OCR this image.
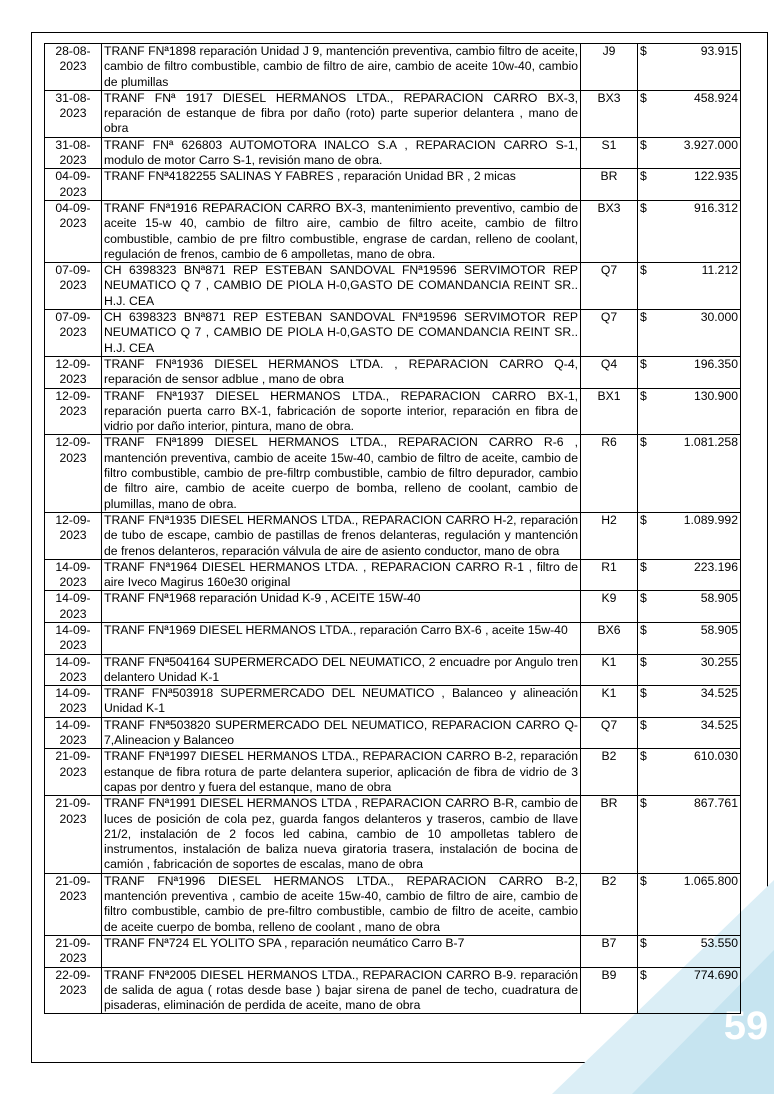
59
28-08-2023	TRANF FNª1898 reparación Unidad J 9, mantención preventiva, cambio filtro de aceite, cambio de filtro combustible, cambio de filtro de aire, cambio de aceite 10w-40, cambio de plumillas	J9	$ 93.915

31-08-2023	TRANF FNª 1917 DIESEL HERMANOS LTDA., REPARACION CARRO BX-3, reparación de estanque de fibra por daño (roto) parte superior delantera , mano de obra	BX3	$ 458.924

31-08-2023	TRANF FNª 626803 AUTOMOTORA INALCO S.A , REPARACION CARRO S-1, modulo de motor Carro S-1, revisión mano de obra.	S1	$ 3.927.000

04-09-2023	TRANF FNª4182255 SALINAS Y FABRES , reparación Unidad BR , 2 micas	BR	$ 122.935

04-09-2023	TRANF FNª1916 REPARACION CARRO BX-3, mantenimiento preventivo, cambio de aceite 15-w 40, cambio de filtro aire, cambio de filtro aceite, cambio de filtro combustible, cambio de pre filtro combustible, engrase de cardan, relleno de coolant, regulación de frenos, cambio de 6 ampolletas, mano de obra.	BX3	$ 916.312

07-09-2023	CH 6398323 BNª871 REP ESTEBAN SANDOVAL FNª19596 SERVIMOTOR REP NEUMATICO Q 7 , CAMBIO DE PIOLA H-0,GASTO DE COMANDANCIA REINT SR.. H.J. CEA	Q7	$ 11.212

07-09-2023	CH 6398323 BNª871 REP ESTEBAN SANDOVAL FNª19596 SERVIMOTOR REP NEUMATICO Q 7 , CAMBIO DE PIOLA H-0,GASTO DE COMANDANCIA REINT SR.. H.J. CEA	Q7	$ 30.000

12-09-2023	TRANF FNª1936 DIESEL HERMANOS LTDA. , REPARACION CARRO Q-4, reparación de sensor adblue , mano de obra	Q4	$ 196.350

12-09-2023	TRANF FNª1937 DIESEL HERMANOS LTDA., REPARACION CARRO BX-1, reparación puerta carro BX-1, fabricación de soporte interior, reparación en fibra de vidrio por daño interior, pintura, mano de obra.	BX1	$ 130.900

12-09-2023	TRANF FNª1899 DIESEL HERMANOS LTDA., REPARACION CARRO R-6 , mantención preventiva, cambio de aceite 15w-40, cambio de filtro de aceite, cambio de filtro combustible, cambio de pre-filtrp combustible, cambio de filtro depurador, cambio de filtro aire, cambio de aceite cuerpo de bomba, relleno de coolant, cambio de plumillas, mano de obra.	R6	$ 1.081.258

12-09-2023	TRANF FNª1935 DIESEL HERMANOS LTDA., REPARACION CARRO H-2, reparación de tubo de escape, cambio de pastillas de frenos delanteras, regulación y mantención de frenos delanteros, reparación válvula de aire de asiento conductor, mano de obra	H2	$ 1.089.992

14-09-2023	TRANF FNª1964 DIESEL HERMANOS LTDA. , REPARACION CARRO R-1 , filtro de aire Iveco Magirus 160e30 original	R1	$ 223.196

14-09-2023	TRANF FNª1968 reparación Unidad K-9 , ACEITE 15W-40	K9	$ 58.905

14-09-2023	TRANF FNª1969 DIESEL HERMANOS LTDA., reparación Carro BX-6 , aceite 15w-40	BX6	$ 58.905

14-09-2023	TRANF FNª504164 SUPERMERCADO DEL NEUMATICO, 2 encuadre por Angulo tren delantero Unidad K-1	K1	$ 30.255

14-09-2023	TRANF FNª503918 SUPERMERCADO DEL NEUMATICO , Balanceo y alineación Unidad K-1	K1	$ 34.525

14-09-2023	TRANF FNª503820 SUPERMERCADO DEL NEUMATICO, REPARACION CARRO Q-7,Alineacion y Balanceo	Q7	$ 34.525

21-09-2023	TRANF FNª1997 DIESEL HERMANOS LTDA., REPARACION CARRO B-2, reparación estanque de fibra rotura de parte delantera superior, aplicación de fibra de vidrio de 3 capas por dentro y fuera del estanque, mano de obra	B2	$ 610.030

21-09-2023	TRANF FNª1991 DIESEL HERMANOS LTDA , REPARACION CARRO B-R, cambio de luces de posición de cola pez, guarda fangos delanteros y traseros, cambio de llave 21/2, instalación de 2 focos led cabina, cambio de 10 ampolletas tablero de instrumentos, instalación de baliza nueva giratoria trasera, instalación de bocina de camión , fabricación de soportes de escalas, mano de obra	BR	$ 867.761

21-09-2023	TRANF FNª1996 DIESEL HERMANOS LTDA., REPARACION CARRO B-2, mantención preventiva , cambio de aceite 15w-40, cambio de filtro de aire, cambio de filtro combustible, cambio de pre-filtro combustible, cambio de filtro de aceite, cambio de aceite cuerpo de bomba, relleno de coolant , mano de obra	B2	$ 1.065.800

21-09-2023	TRANF FNª724 EL YOLITO SPA , reparación neumático Carro B-7	B7	$ 53.550

22-09-2023	TRANF FNª2005 DIESEL HERMANOS LTDA., REPARACION CARRO B-9. reparación de salida de agua ( rotas desde base ) bajar sirena de panel de techo, cuadratura de pisaderas, eliminación de perdida de aceite, mano de obra	B9	$ 774.690
